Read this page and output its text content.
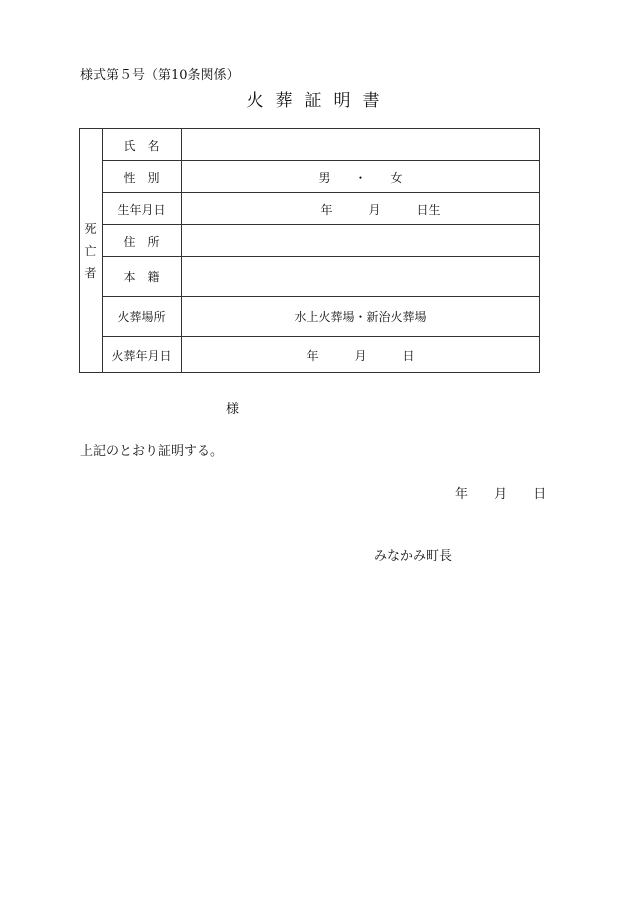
様式第５号（第10条関係）
火葬証明書
死
亡
者
氏　名
性　別	男　　・　　女
生年月日	年　　　月　　　日生
住　所
本　籍
火葬場所	水上火葬場・新治火葬場
火葬年月日	年　　　月　　　日
様
上記のとおり証明する。
年 月 日
みなかみ町長
